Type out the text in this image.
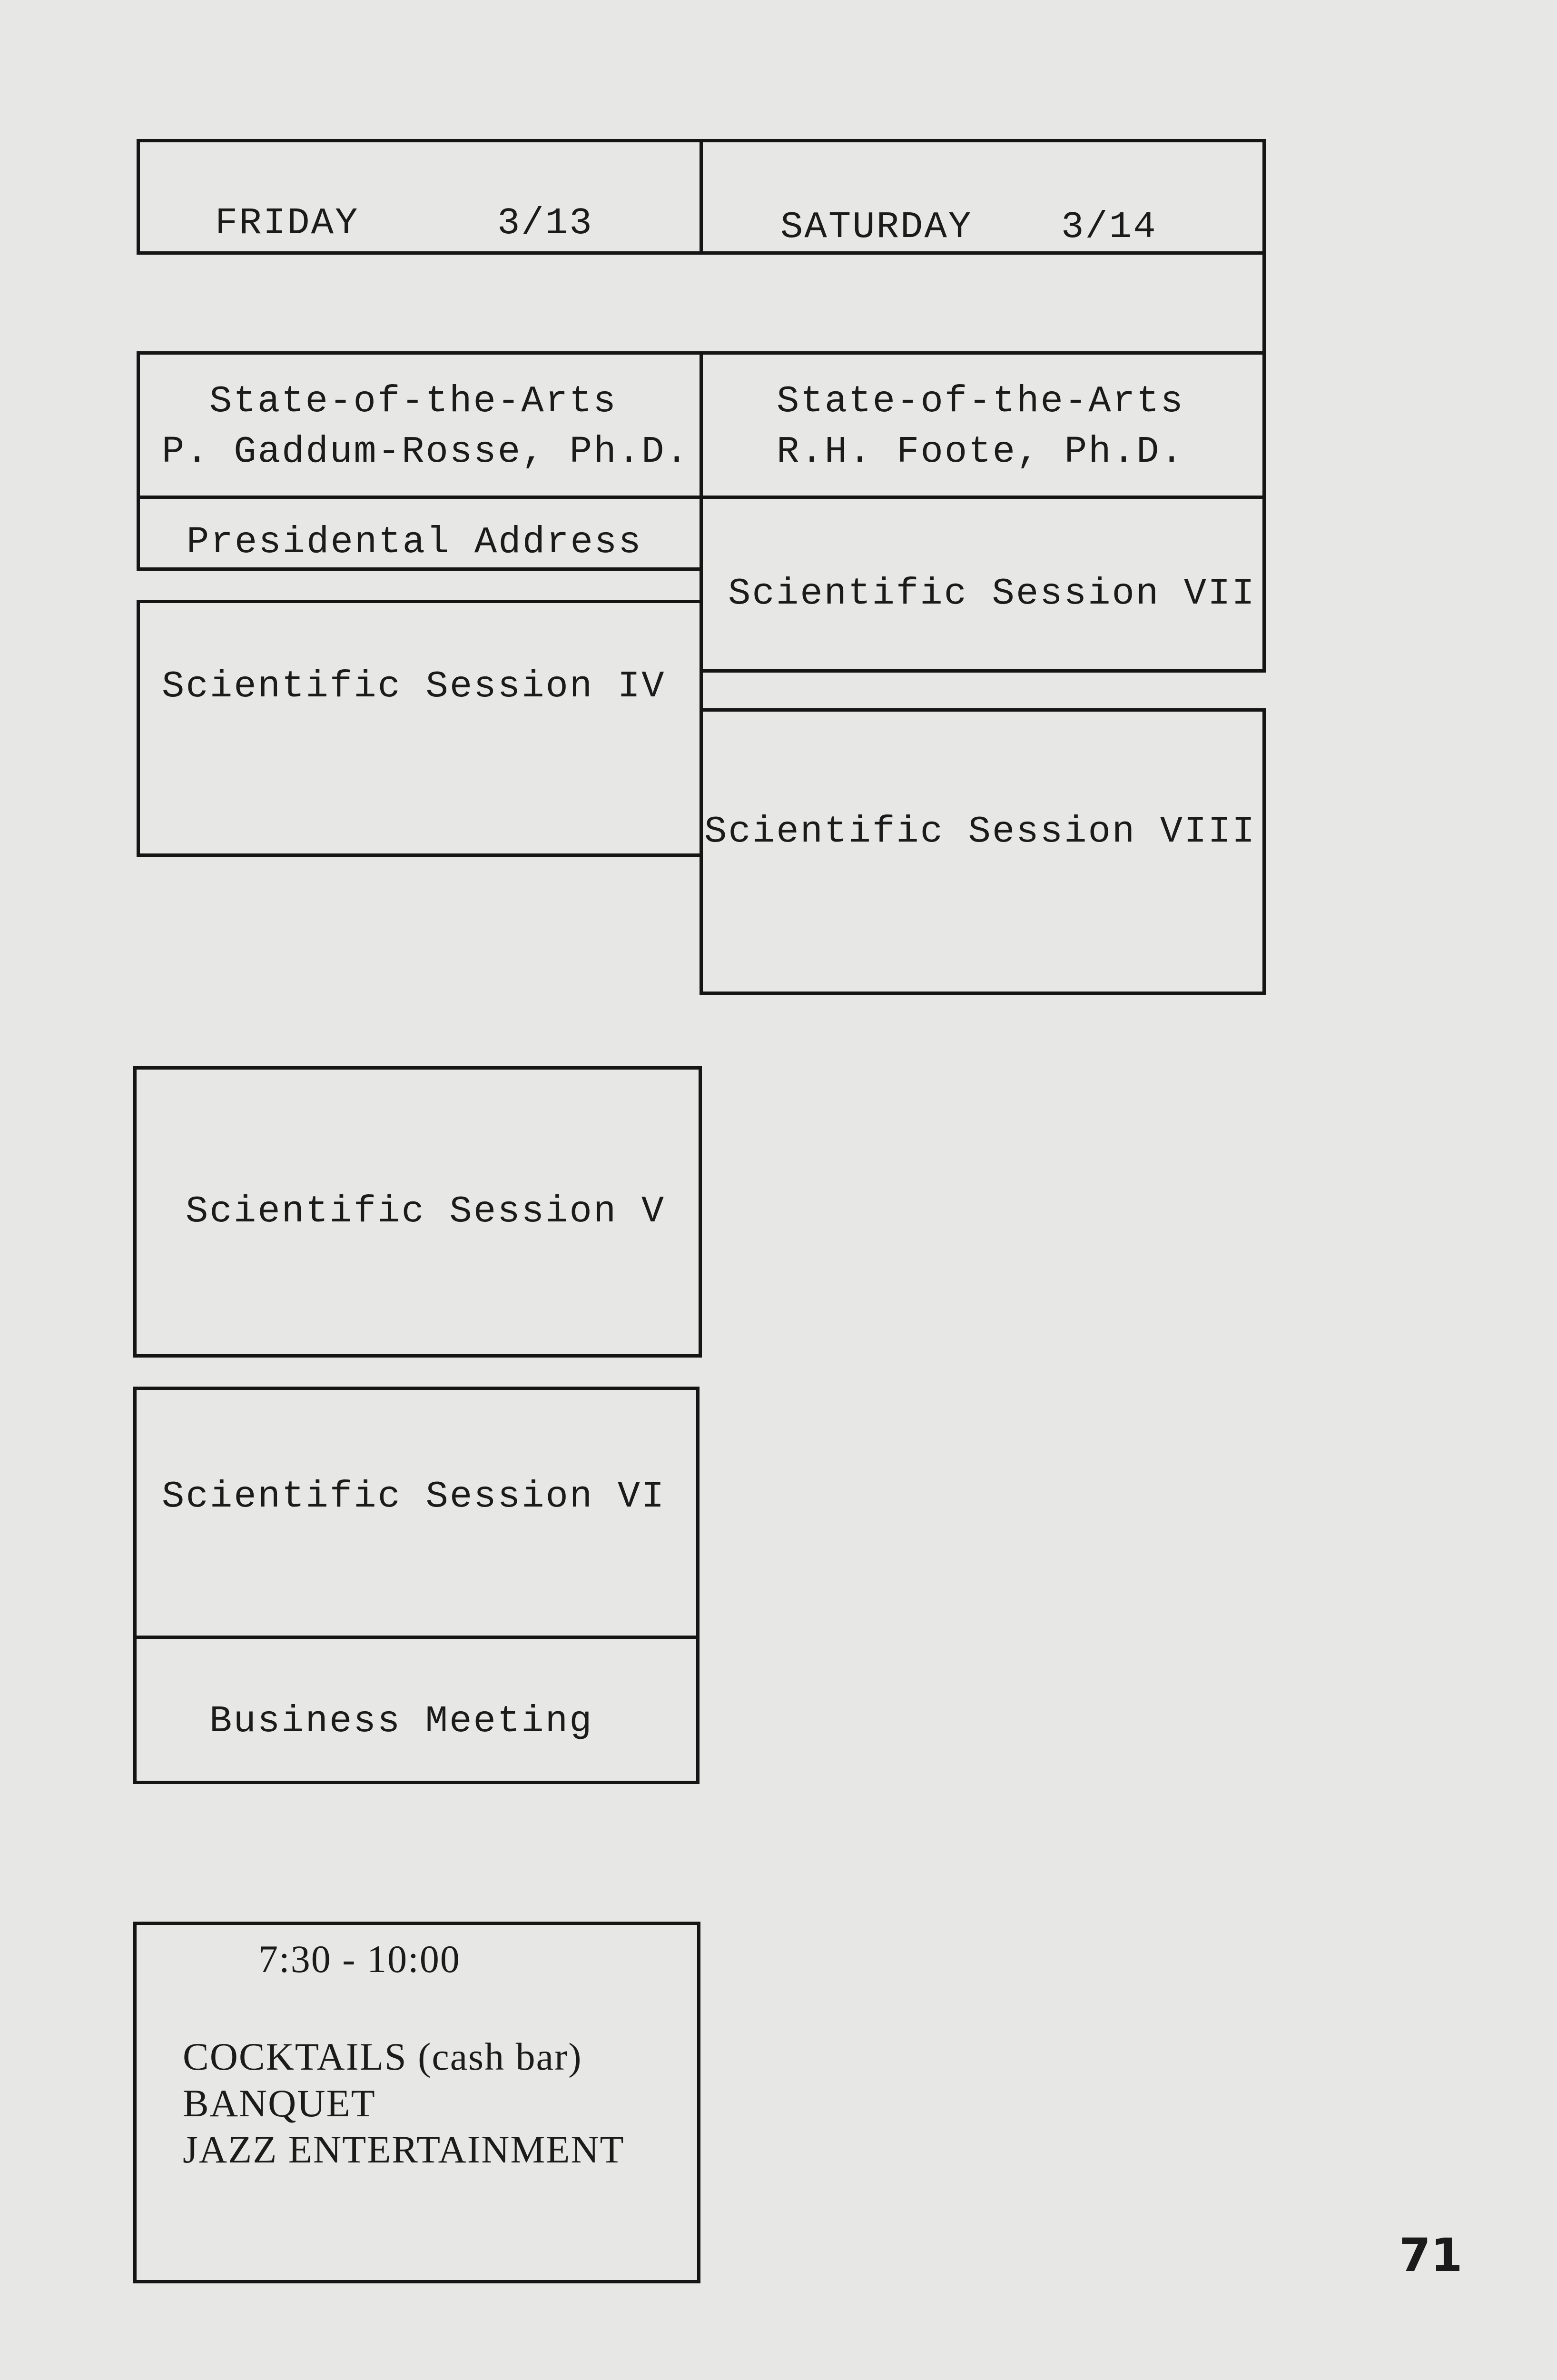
FRIDAY	3/13	SATURDAY 3/14
State-of-the-Arts
P. Gaddum-Rosse, Ph.D.
Presidental Address
State-of-the-Arts
R.H. Foote, Ph.D.
Scientific Session IV
Scientific Session VII
Scientific Session VIII
Scientific Session V
Scientific Session VI
Business Meeting
7:30 - 10:00
COCKTAILS (cash bar)
BANQUET
JAZZ ENTERTAINMENT
71
